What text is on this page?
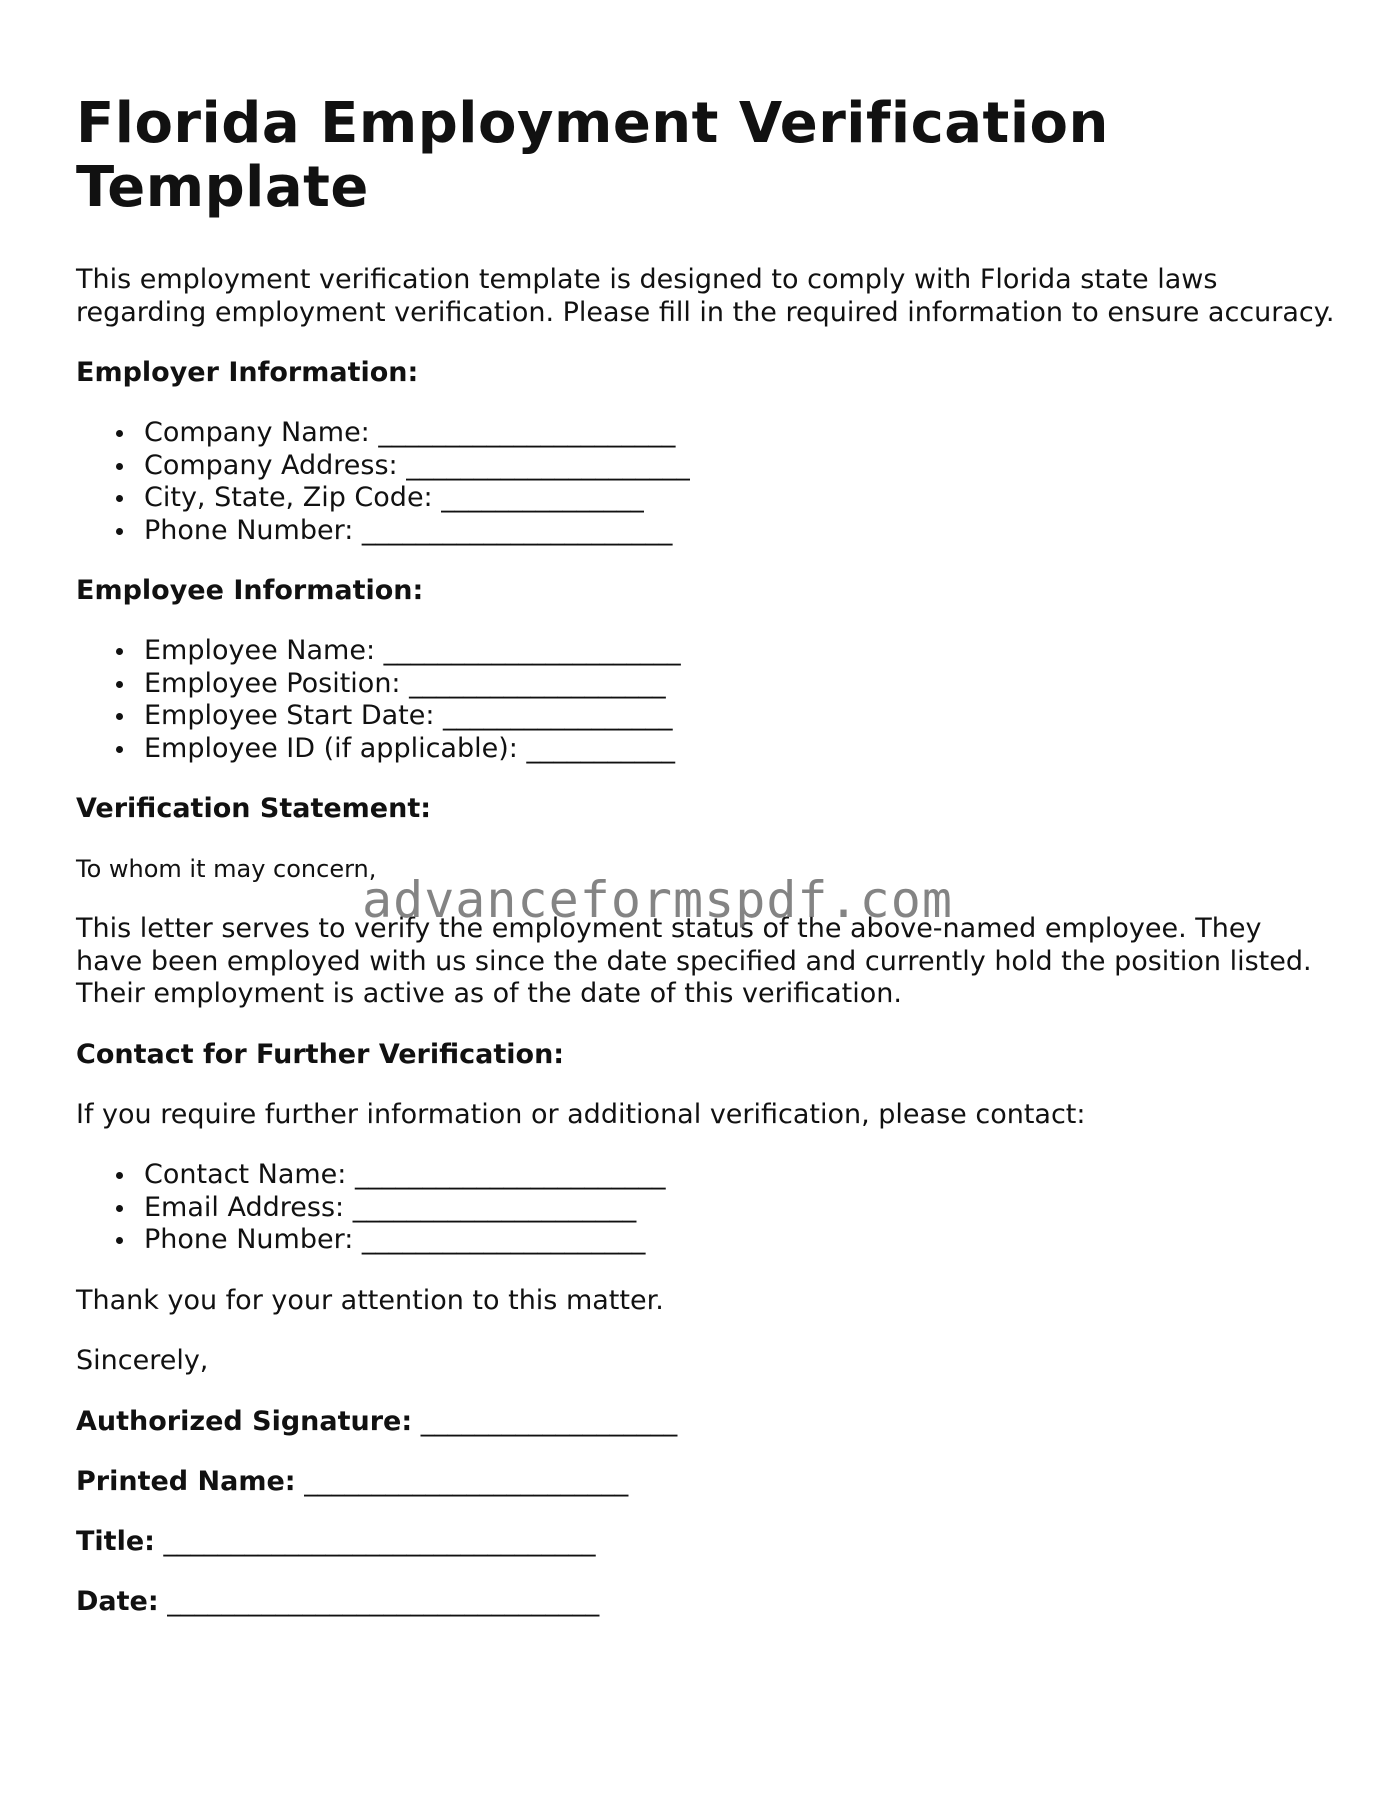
Florida Employment Verification Template

This employment verification template is designed to comply with Florida state laws regarding employment verification. Please fill in the required information to ensure accuracy.

Employer Information:
Company Name: ______________________
Company Address: _____________________
City, State, Zip Code: _______________
Phone Number: _______________________
Employee Information:
Employee Name: ______________________
Employee Position: ___________________
Employee Start Date: _________________
Employee ID (if applicable): ___________
Verification Statement:

To whom it may concern,

This letter serves to verify the employment status of the above-named employee. They have been employed with us since the date specified and currently hold the position listed. Their employment is active as of the date of this verification.

Contact for Further Verification:

If you require further information or additional verification, please contact:

Contact Name: _______________________
Email Address: _____________________
Phone Number: _____________________

Thank you for your attention to this matter.

Sincerely,

Authorized Signature: ___________________
Printed Name: ________________________
Title: ________________________________
Date: ________________________________
advanceformspdf.com
